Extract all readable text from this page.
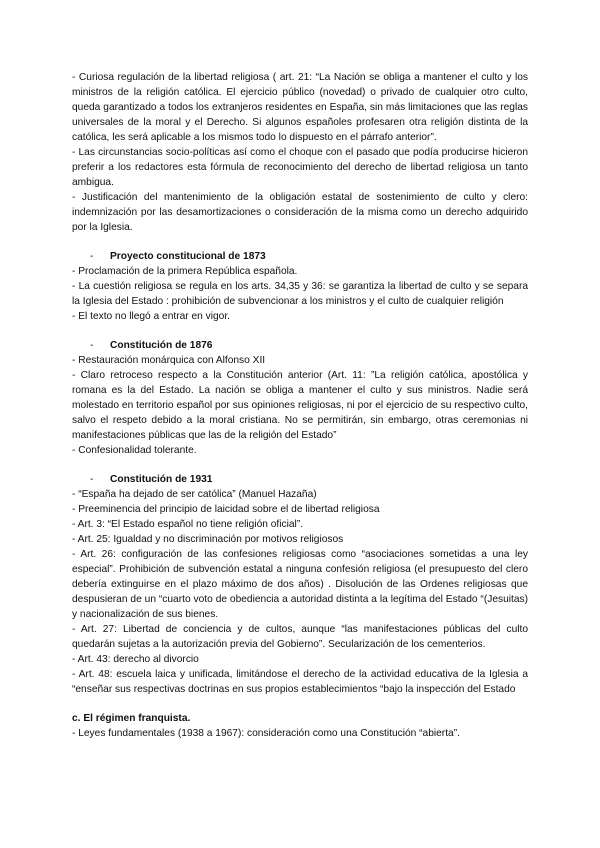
- Curiosa regulación de la libertad religiosa ( art. 21: “La Nación se obliga a mantener el culto y los ministros de la religión católica. El ejercicio público (novedad) o privado de cualquier otro culto, queda garantizado a todos los extranjeros residentes en España, sin más limitaciones que las reglas universales de la moral y el Derecho. Si algunos españoles profesaren otra religión distinta de la católica, les será aplicable a los mismos todo lo dispuesto en el párrafo anterior”.

- Las circunstancias socio-políticas así como el choque con el pasado que podía producirse hicieron preferir a los redactores esta fórmula de reconocimiento del derecho de libertad religiosa un tanto ambigua.

- Justificación del mantenimiento de la obligación estatal de sostenimiento de culto y clero: indemnización por las desamortizaciones o consideración de la misma como un derecho adquirido por la Iglesia.

- Proyecto constitucional de 1873

- Proclamación de la primera República española.

- La cuestión religiosa se regula en los arts. 34,35 y 36: se garantiza la libertad de culto y se separa la Iglesia del Estado : prohibición de subvencionar a los ministros y el culto de cualquier religión

- El texto no llegó a entrar en vigor.

- Constitución de 1876

- Restauración monárquica con Alfonso XII

- Claro retroceso respecto a la Constitución anterior (Art. 11: ”La religión católica, apostólica y romana es la del Estado. La nación se obliga a mantener el culto y sus ministros. Nadie será molestado en territorio español por sus opiniones religiosas, ni por el ejercicio de su respectivo culto, salvo el respeto debido a la moral cristiana. No se permitirán, sin embargo, otras ceremonias ni manifestaciones públicas que las de la religión del Estado”

- Confesionalidad tolerante.

- Constitución de 1931

- “España ha dejado de ser católica” (Manuel Hazaña)

- Preeminencia del principio de laicidad sobre el de libertad religiosa

- Art. 3: “El Estado español no tiene religión oficial”.

- Art. 25: Igualdad y no discriminación por motivos religiosos

- Art. 26: configuración de las confesiones religiosas como “asociaciones sometidas a una ley especial”. Prohibición de subvención estatal a ninguna confesión religiosa (el presupuesto del clero debería extinguirse en el plazo máximo de dos años) . Disolución de las Ordenes religiosas que despusieran de un “cuarto voto de obediencia a autoridad distinta a la legítima del Estado “(Jesuitas) y nacionalización de sus bienes.

- Art. 27: Libertad de conciencia y de cultos, aunque “las manifestaciones públicas del culto quedarán sujetas a la autorización previa del Gobierno”. Secularización de los cementerios.

- Art. 43: derecho al divorcio

- Art. 48: escuela laica y unificada, limitándose el derecho de la actividad educativa de la Iglesia a “enseñar sus respectivas doctrinas en sus propios establecimientos “bajo la inspección del Estado

c. El régimen franquista.

- Leyes fundamentales (1938 a 1967): consideración como una Constitución “abierta”.
